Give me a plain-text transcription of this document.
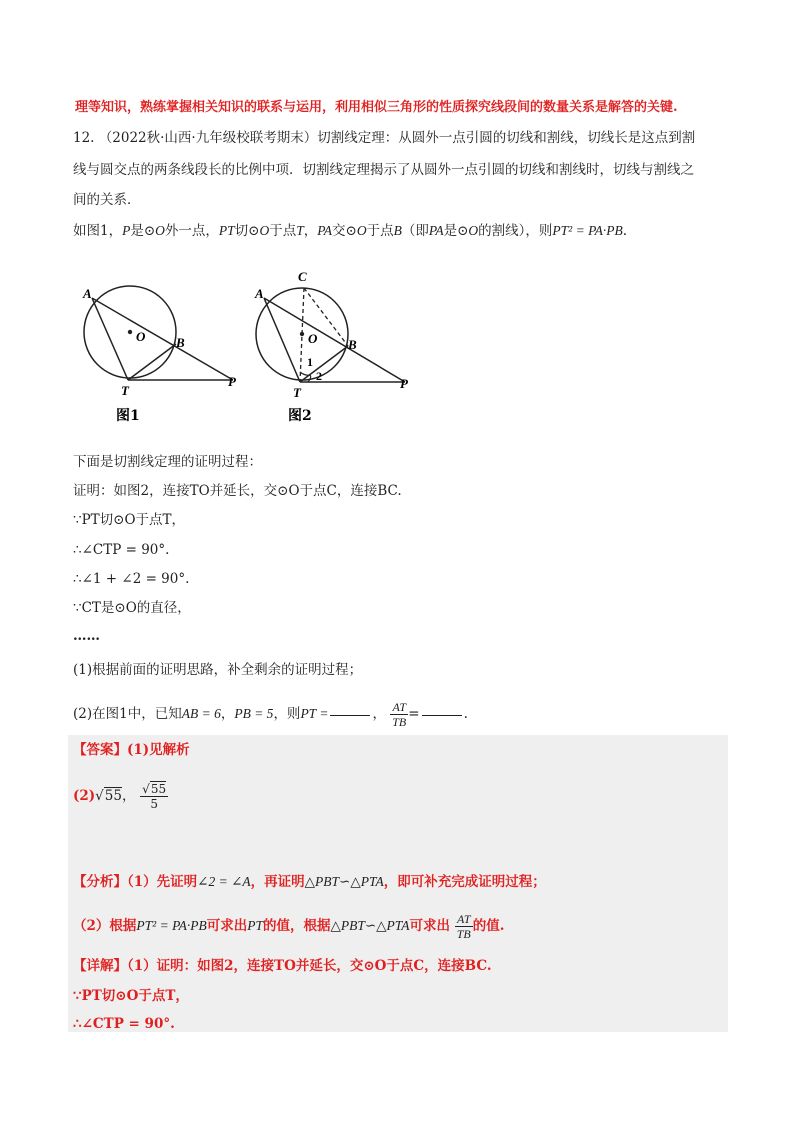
理等知识，熟练掌握相关知识的联系与运用，利用相似三角形的性质探究线段间的数量关系是解答的关键.
12. （2022秋·山西·九年级校联考期末）切割线定理：从圆外一点引圆的切线和割线，切线长是这点到割
线与圆交点的两条线段长的比例中项．切割线定理揭示了从圆外一点引圆的切线和割线时，切线与割线之
间的关系．
如图1，P是⊙O外一点，PT切⊙O于点T，PA交⊙O于点B（即PA是⊙O的割线），则PT² = PA·PB.
A
O B
T
P
图1
C
A
O B
1
2
T
P
图2
下面是切割线定理的证明过程：
证明：如图2，连接TO并延长，交⊙O于点C，连接BC.
∵PT切⊙O于点T，
∴∠CTP = 90°.
∴∠1 + ∠2 = 90°.
∵CT是⊙O的直径，
……
(1)根据前面的证明思路，补全剩余的证明过程；
(2)在图1中，已知AB = 6，PB = 5，则PT =	， $\frac{AT}{TB}$ =	.
【答案】(1)见解析
(2)√55， $\frac{√55}{5}$
【分析】（1）先证明∠2 = ∠A，再证明△PBT∽△PTA，即可补充完成证明过程；
（2）根据PT² = PA·PB可求出PT的值，根据△PBT∽△PTA可求出 $\frac{AT}{TB}$ 的值.
【详解】（1）证明：如图2，连接TO并延长，交⊙O于点C，连接BC.
∵PT切⊙O于点T，
∴∠CTP = 90°.
